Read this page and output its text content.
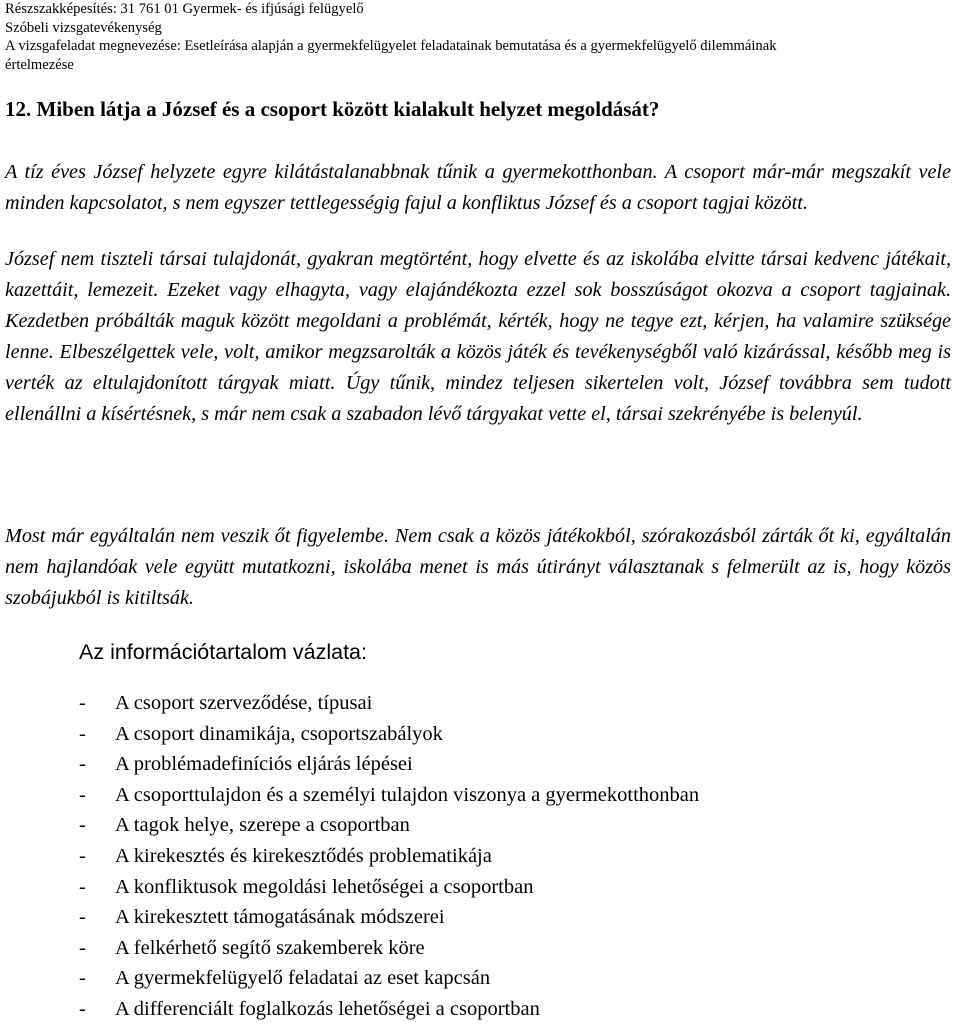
Részszakképesítés: 31 761 01 Gyermek- és ifjúsági felügyelő
Szóbeli vizsgatevékenység
A vizsgafeladat megnevezése: Esetleírása alapján a gyermekfelügyelet feladatainak bemutatása és a gyermekfelügyelő dilemmáinak
értelmezése
12. Miben látja a József és a csoport között kialakult helyzet megoldását?
A tíz éves József helyzete egyre kilátástalanabbnak tűnik a gyermekotthonban. A csoport már-már megszakít vele minden kapcsolatot, s nem egyszer tettlegességig fajul a konfliktus József és a csoport tagjai között.
József nem tiszteli társai tulajdonát, gyakran megtörtént, hogy elvette és az iskolába elvitte társai kedvenc játékait, kazettáit, lemezeit. Ezeket vagy elhagyta, vagy elajándékozta ezzel sok bosszúságot okozva a csoport tagjainak. Kezdetben próbálták maguk között megoldani a problémát, kérték, hogy ne tegye ezt, kérjen, ha valamire szüksége lenne. Elbeszélgettek vele, volt, amikor megzsarolták a közös játék és tevékenységből való kizárással, később meg is verték az eltulajdonított tárgyak miatt. Úgy tűnik, mindez teljesen sikertelen volt, József továbbra sem tudott ellenállni a kísértésnek, s már nem csak a szabadon lévő tárgyakat vette el, társai szekrényébe is belenyúl.
Most már egyáltalán nem veszik őt figyelembe. Nem csak a közös játékokból, szórakozásból zárták őt ki, egyáltalán nem hajlandóak vele együtt mutatkozni, iskolába menet is más útirányt választanak s felmerült az is, hogy közös szobájukból is kitiltsák.
Az információtartalom vázlata:
- A csoport szerveződése, típusai
- A csoport dinamikája, csoportszabályok
- A problémadefiníciós eljárás lépései
- A csoporttulajdon és a személyi tulajdon viszonya a gyermekotthonban
- A tagok helye, szerepe a csoportban
- A kirekesztés és kirekesztődés problematikája
- A konfliktusok megoldási lehetőségei a csoportban
- A kirekesztett támogatásának módszerei
- A felkérhető segítő szakemberek köre
- A gyermekfelügyelő feladatai az eset kapcsán
- A differenciált foglalkozás lehetőségei a csoportban
